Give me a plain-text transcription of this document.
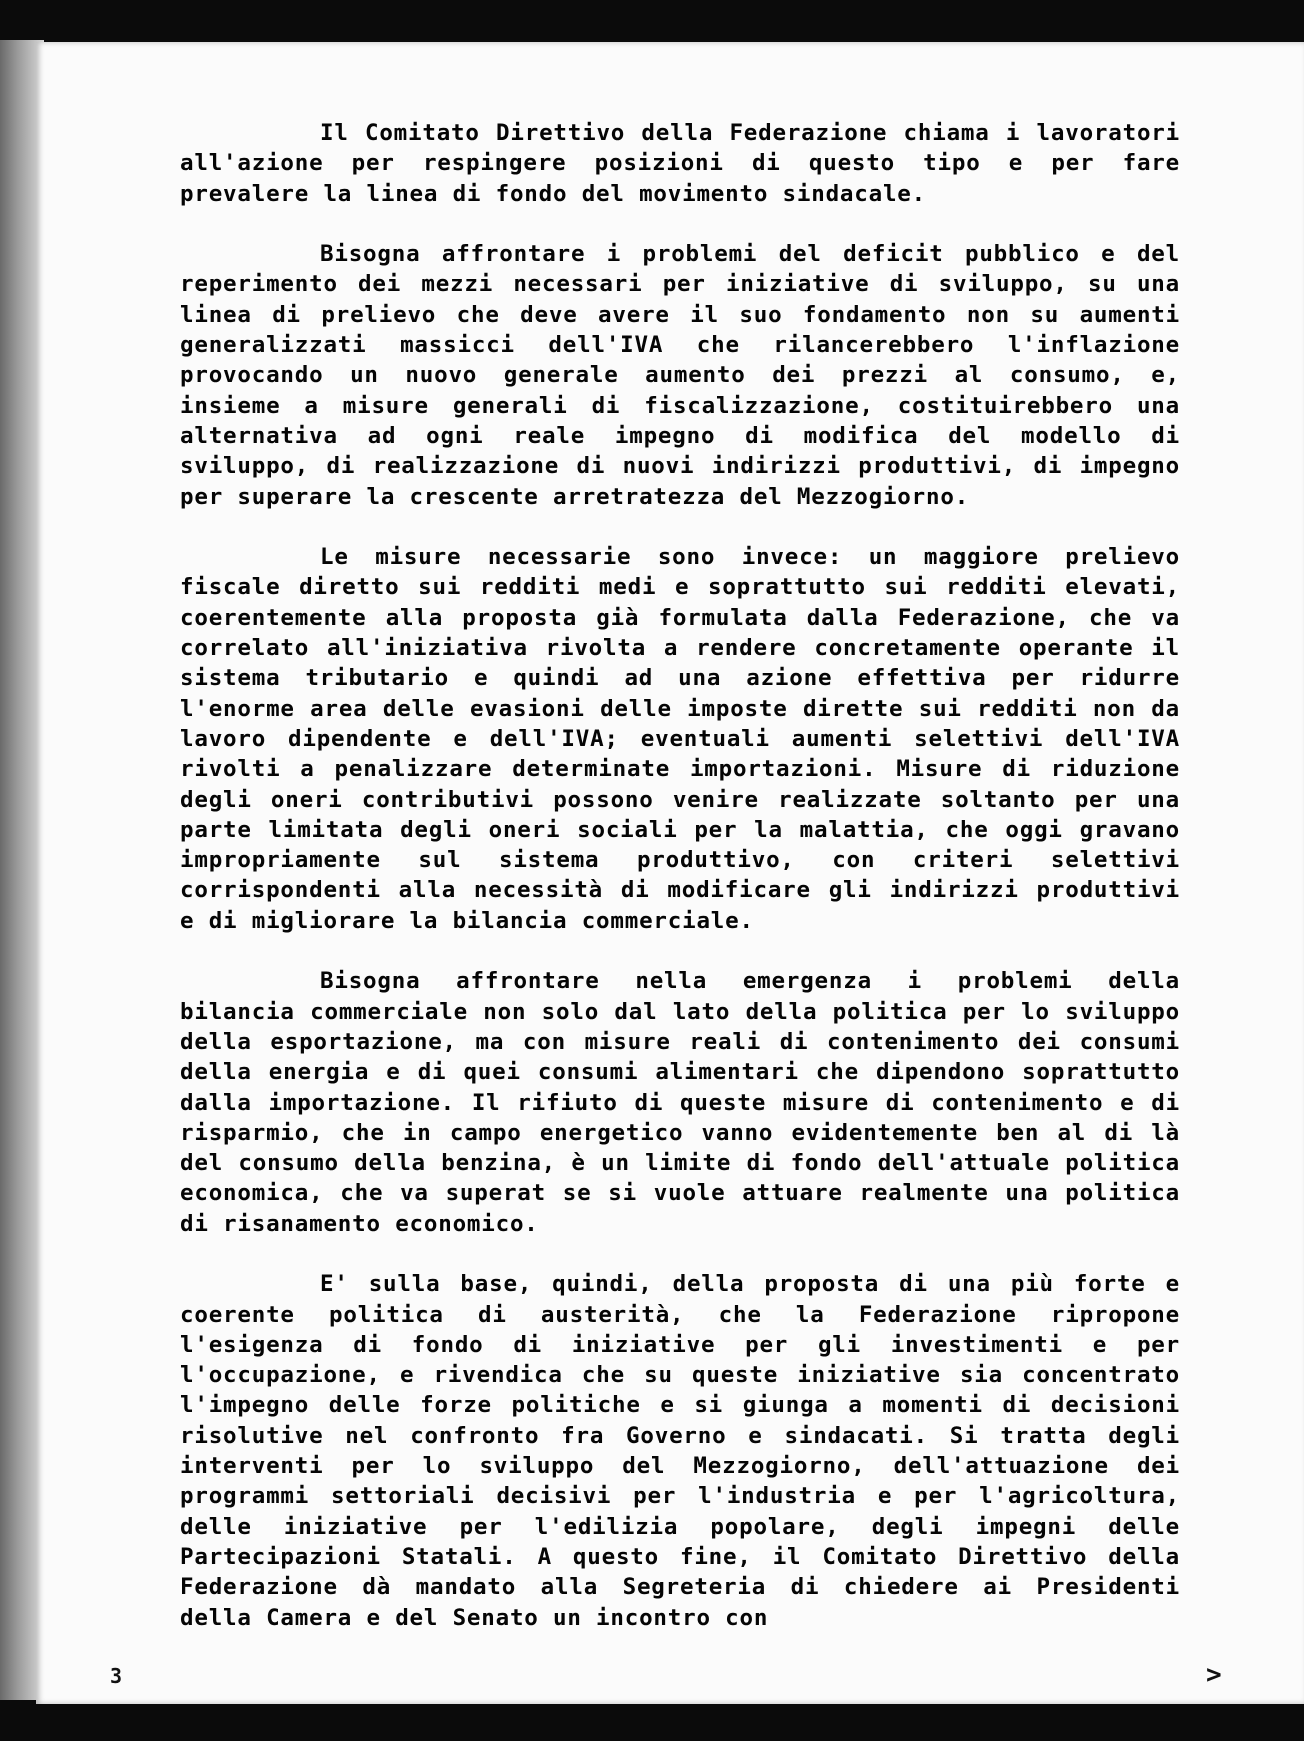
Il Comitato Direttivo della Federazione chiama i lavoratori all'azione per respingere posizioni di questo tipo e per fare prevalere la linea di fondo del movimento sindacale.

Bisogna affrontare i problemi del deficit pubblico e del reperimento dei mezzi necessari per iniziative di sviluppo, su una linea di prelievo che deve avere il suo fondamento non su aumenti generalizzati massicci dell'IVA che rilancerebbero l'inflazione provocando un nuovo generale aumento dei prezzi al consumo, e, insieme a misure generali di fiscalizzazione, costituirebbero una alternativa ad ogni reale impegno di modifica del modello di sviluppo, di realizzazione di nuovi indirizzi produttivi, di impegno per superare la crescente arretratezza del Mezzogiorno.

Le misure necessarie sono invece: un maggiore prelievo fiscale diretto sui redditi medi e soprattutto sui redditi elevati, coerentemente alla proposta già formulata dalla Federazione, che va correlato all'iniziativa rivolta a rendere concretamente operante il sistema tributario e quindi ad una azione effettiva per ridurre l'enorme area delle evasioni delle imposte dirette sui redditi non da lavoro dipendente e dell'IVA; eventuali aumenti selettivi dell'IVA rivolti a penalizzare determinate importazioni. Misure di riduzione degli oneri contributivi possono venire realizzate soltanto per una parte limitata degli oneri sociali per la malattia, che oggi gravano impropriamente sul sistema produttivo, con criteri selettivi corrispondenti alla necessità di modificare gli indirizzi produttivi e di migliorare la bilancia commerciale.

Bisogna affrontare nella emergenza i problemi della bilancia commerciale non solo dal lato della politica per lo sviluppo della esportazione, ma con misure reali di contenimento dei consumi della energia e di quei consumi alimentari che dipendono soprattutto dalla importazione. Il rifiuto di queste misure di contenimento e di risparmio, che in campo energetico vanno evidentemente ben al di là del consumo della benzina, è un limite di fondo dell'attuale politica economica, che va superat se si vuole attuare realmente una politica di risanamento economico.

E' sulla base, quindi, della proposta di una più forte e coerente politica di austerità, che la Federazione ripropone l'esigenza di fondo di iniziative per gli investimenti e per l'occupazione, e rivendica che su queste iniziative sia concentrato l'impegno delle forze politiche e si giunga a momenti di decisioni risolutive nel confronto fra Governo e sindacati. Si tratta degli interventi per lo sviluppo del Mezzogiorno, dell'attuazione dei programmi settoriali decisivi per l'industria e per l'agricoltura, delle iniziative per l'edilizia popolare, degli impegni delle Partecipazioni Statali. A questo fine, il Comitato Direttivo della Federazione dà mandato alla Segreteria di chiedere ai Presidenti della Camera e del Senato un incontro con

3	>
